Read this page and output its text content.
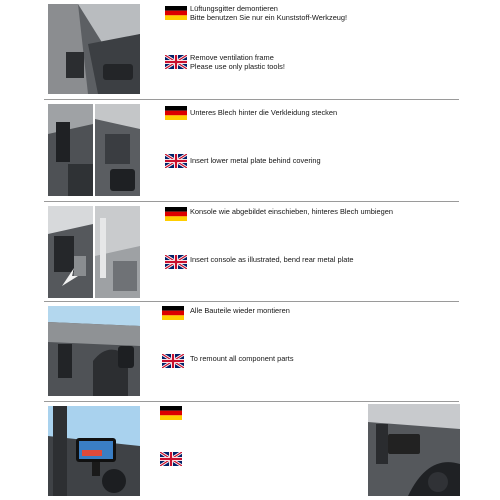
Lüftungsgitter demontieren
Bitte benutzen Sie nur ein Kunststoff-Werkzeug!
Remove ventilation frame
Please use only plastic tools!
Unteres Blech hinter die Verkleidung stecken
Insert lower metal plate behind covering
Konsole wie abgebildet einschieben, hinteres Blech umbiegen
Insert console as illustrated, bend rear metal plate
Alle Bauteile wieder montieren
To remount all component parts
